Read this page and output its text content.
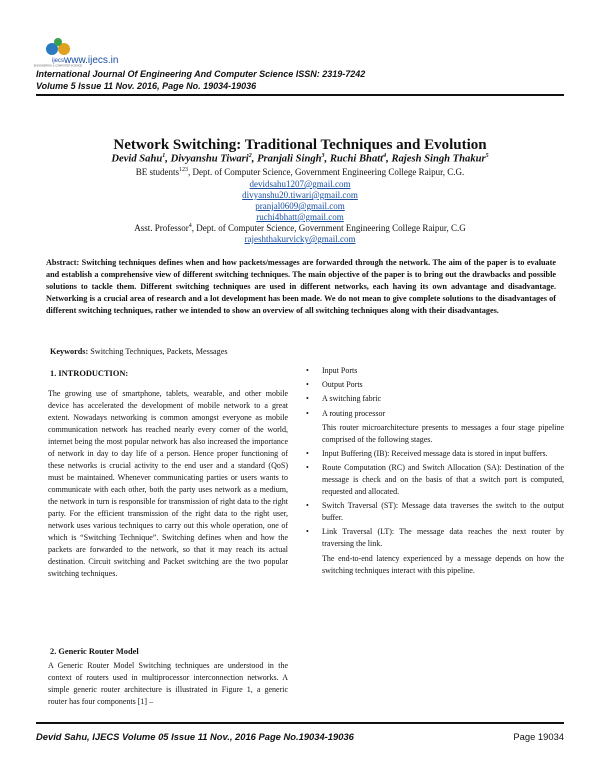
ijecs
ENGINEERING & COMPUTER SCIENCE
www.ijecs.in
International Journal Of Engineering And Computer Science ISSN: 2319-7242
Volume 5 Issue 11 Nov. 2016, Page No. 19034-19036
Network Switching: Traditional Techniques and Evolution
Devid Sahu$^1$, Divyanshu Tiwari$^2$, Pranjali Singh$^3$, Ruchi Bhatt$^4$, Rajesh Singh Thakur$^5$
BE students$^{123}$, Dept. of Computer Science, Government Engineering College Raipur, C.G.
devidsahu1207@gmail.com
divyanshu20.tiwari@gmail.com
pranjal0609@gmail.com
ruchi4bhatt@gmail.com
Asst. Professor$^4$, Dept. of Computer Science, Government Engineering College Raipur, C.G
rajeshthakurvicky@gmail.com
Abstract: Switching techniques defines when and how packets/messages are forwarded through the network. The aim of the paper is to evaluate and establish a comprehensive view of different switching techniques. The main objective of the paper is to bring out the drawbacks and possible solutions to tackle them. Different switching techniques are used in different networks, each having its own advantage and disadvantage. Networking is a crucial area of research and a lot development has been made. We do not mean to give complete solutions to the disadvantages of different switching techniques, rather we intended to show an overview of all switching techniques along with their disadvantages.
Keywords: Switching Techniques, Packets, Messages
1. INTRODUCTION:
The growing use of smartphone, tablets, wearable, and other mobile device has accelerated the development of mobile network to a great extent. Nowadays networking is common amongst everyone as mobile communication network has reached nearly every corner of the world, internet being the most popular network has also increased the importance of network in day to day life of a person. Hence proper functioning of these networks is crucial activity to the end user and a standard (QoS) must be maintained. Whenever communicating parties or users wants to communicate with each other, both the party uses network as a medium, the network in turn is responsible for transmission of right data to the right party. For the efficient transmission of the right data to the right user, network uses various techniques to carry out this whole operation, one of which is “Switching Technique”. Switching defines when and how the packets are forwarded to the network, so that it may reach its actual destination. Circuit switching and Packet switching are the two popular switching techniques.
2. Generic Router Model
A Generic Router Model Switching techniques are understood in the context of routers used in multiprocessor interconnection networks. A simple generic router architecture is illustrated in Figure 1, a generic router has four components [1] –
• Input Ports
• Output Ports
• A switching fabric
• A routing processor

This router microarchitecture presents to messages a four stage pipeline comprised of the following stages.

• Input Buffering (IB): Received message data is stored in input buffers.
• Route Computation (RC) and Switch Allocation (SA): Destination of the message is check and on the basis of that a switch port is computed, requested and allocated.
• Switch Traversal (ST): Message data traverses the switch to the output buffer.
• Link Traversal (LT): The message data reaches the next router by traversing the link.

The end-to-end latency experienced by a message depends on how the switching techniques interact with this pipeline.

Devid Sahu, IJECS Volume 05 Issue 11 Nov., 2016 Page No.19034-19036	Page 19034
